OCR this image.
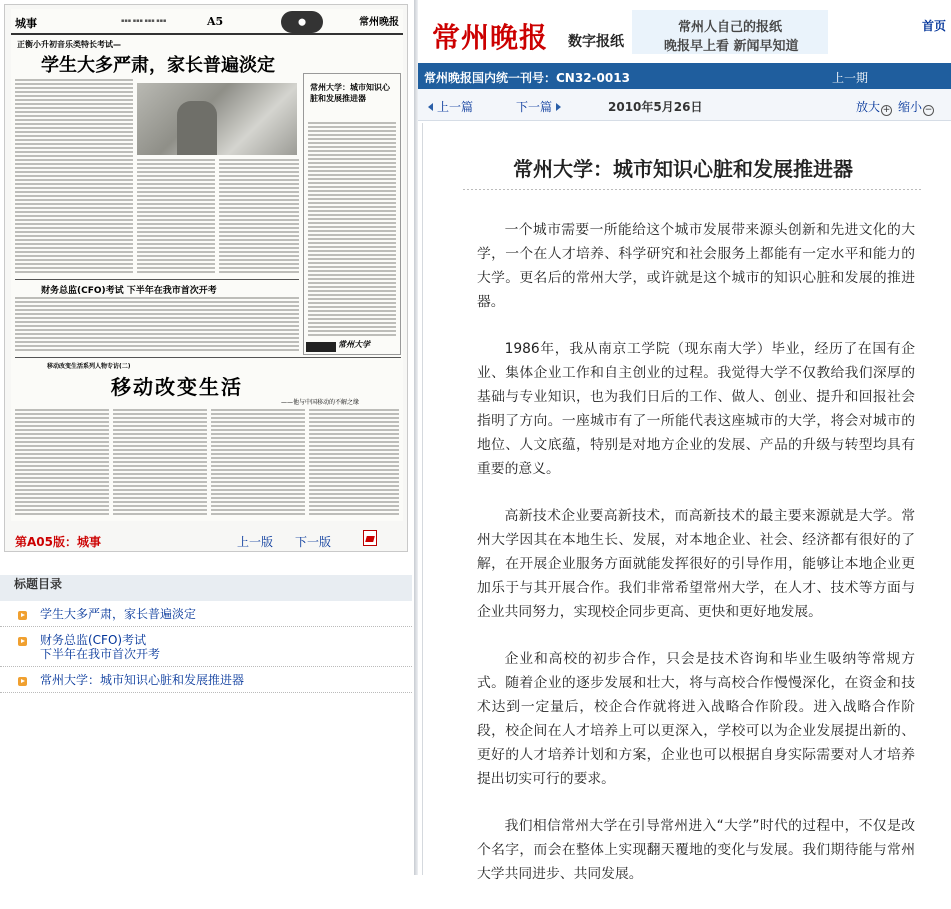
城事	▪▪▪ ▪▪▪ ▪▪▪ ▪▪▪	A5	⬤	常州晚报
正衡小升初音乐类特长考试—
学生大多严肃，家长普遍淡定
常州大学：城市知识心脏和发展推进器
常州大学
财务总监(CFO)考试 下半年在我市首次开考
移动改变生活系列人物专访(二)
移动改变生活
——他与中国移动的不解之缘
第A05版：城事	上一版 下一版
标题目录
学生大多严肃，家长普遍淡定
财务总监(CFO)考试
下半年在我市首次开考
常州大学：城市知识心脏和发展推进器
常州晚报 数字报纸
常州人自己的报纸
晚报早上看 新闻早知道
首页
常州晚报国内统一刊号：CN32-0013	上一期
上一篇	下一篇	2010年5月26日	放大 + 缩小 −
常州大学：城市知识心脏和发展推进器

一个城市需要一所能给这个城市发展带来源头创新和先进文化的大学，一个在人才培养、科学研究和社会服务上都能有一定水平和能力的大学。更名后的常州大学，或许就是这个城市的知识心脏和发展的推进器。

1986年，我从南京工学院（现东南大学）毕业，经历了在国有企业、集体企业工作和自主创业的过程。我觉得大学不仅教给我们深厚的基础与专业知识，也为我们日后的工作、做人、创业、提升和回报社会指明了方向。一座城市有了一所能代表这座城市的大学，将会对城市的地位、人文底蕴，特别是对地方企业的发展、产品的升级与转型均具有重要的意义。

高新技术企业要高新技术，而高新技术的最主要来源就是大学。常州大学因其在本地生长、发展，对本地企业、社会、经济都有很好的了解，在开展企业服务方面就能发挥很好的引导作用，能够让本地企业更加乐于与其开展合作。我们非常希望常州大学，在人才、技术等方面与企业共同努力，实现校企同步更高、更快和更好地发展。

企业和高校的初步合作，只会是技术咨询和毕业生吸纳等常规方式。随着企业的逐步发展和壮大，将与高校合作慢慢深化，在资金和技术达到一定量后，校企合作就将进入战略合作阶段。进入战略合作阶段，校企间在人才培养上可以更深入，学校可以为企业发展提出新的、更好的人才培养计划和方案，企业也可以根据自身实际需要对人才培养提出切实可行的要求。

我们相信常州大学在引导常州进入“大学”时代的过程中，不仅是改个名字，而会在整体上实现翻天覆地的变化与发展。我们期待能与常州大学共同进步、共同发展。
